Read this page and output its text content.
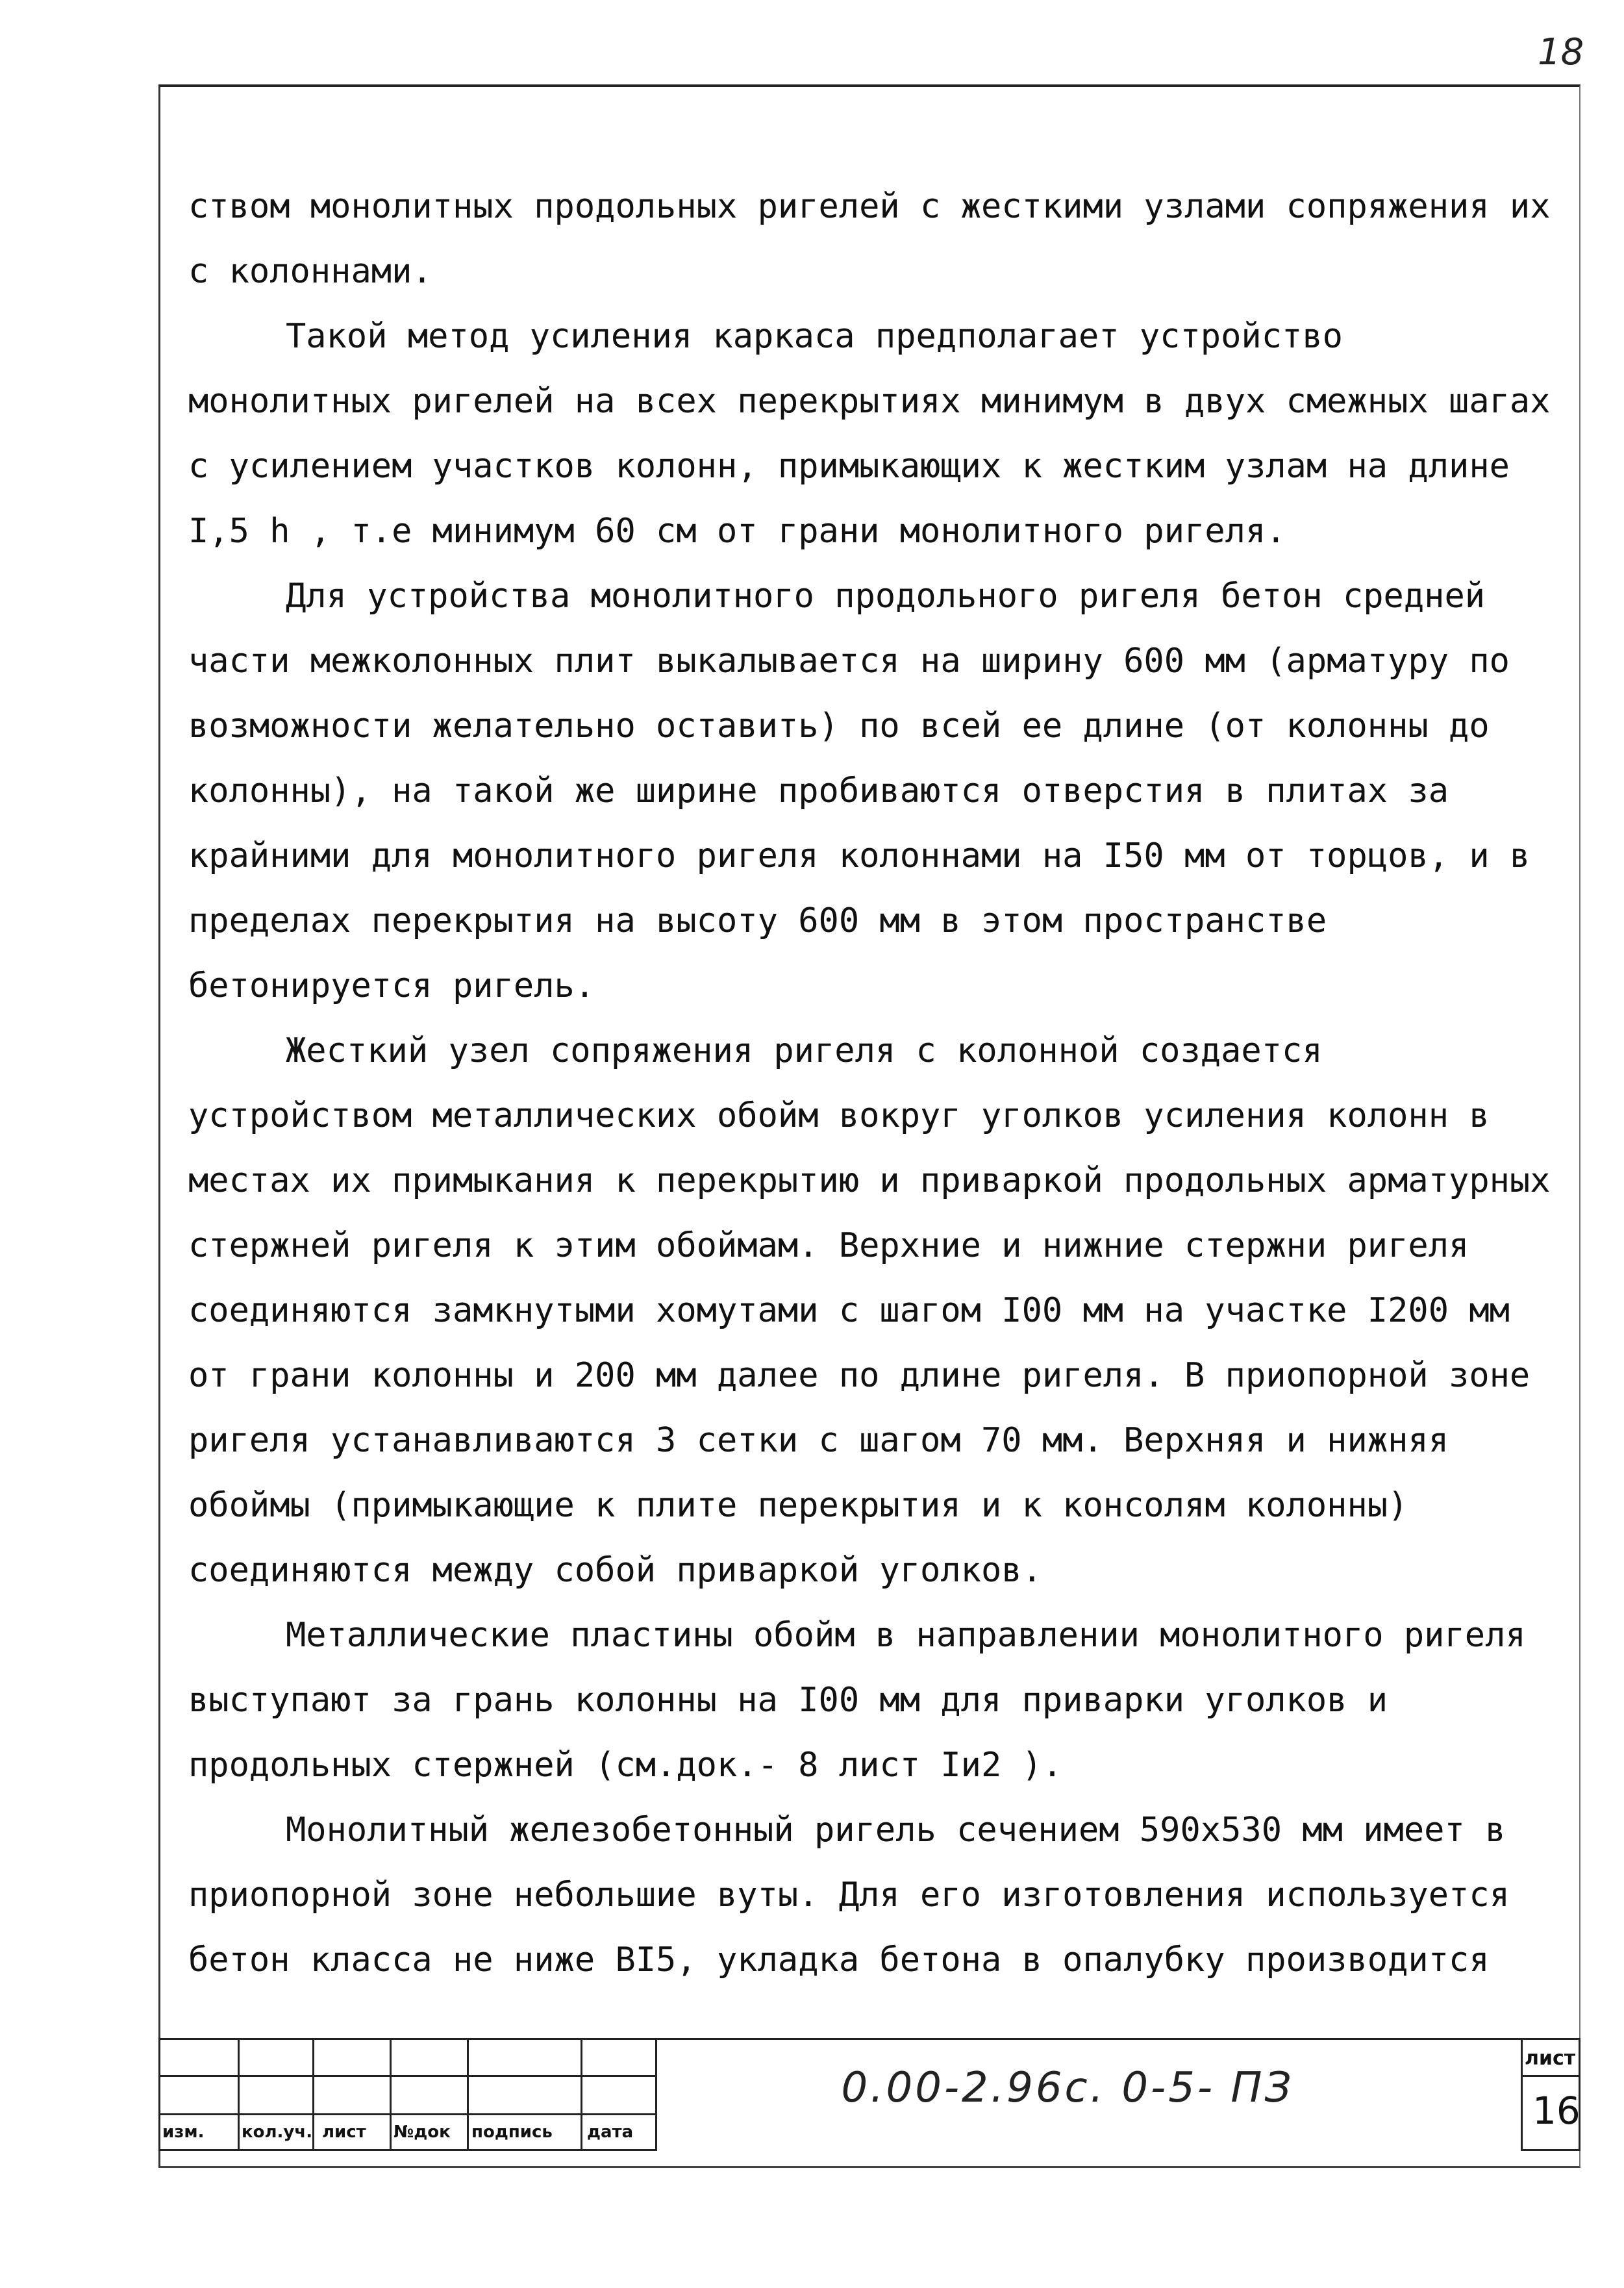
18

ством монолитных продольных ригелей с жесткими узлами сопряжения их с колоннами.

Такой метод усиления каркаса предполагает устройство монолитных ригелей на всех перекрытиях минимум в двух смежных шагах с усилением участков колонн, примыкающих к жестким узлам на длине I,5 h , т.е минимум 60 см от грани монолитного ригеля.

Для устройства монолитного продольного ригеля бетон средней части межколонных плит выкалывается на ширину 600 мм (арматуру по возможности желательно оставить) по всей ее длине (от колонны до колонны), на такой же ширине пробиваются отверстия в плитах за крайними для монолитного ригеля колоннами на I50 мм от торцов, и в пределах перекрытия на высоту 600 мм в этом пространстве бетонируется ригель.

Жесткий узел сопряжения ригеля с колонной создается устройством металлических обойм вокруг уголков усиления колонн в местах их примыкания к перекрытию и приваркой продольных арматурных стержней ригеля к этим обоймам. Верхние и нижние стержни ригеля соединяются замкнутыми хомутами с шагом I00 мм на участке I200 мм от грани колонны и 200 мм далее по длине ригеля. В приопорной зоне ригеля устанавливаются 3 сетки с шагом 70 мм. Верхняя и нижняя обоймы (примыкающие к плите перекрытия и к консолям колонны) соединяются между собой приваркой уголков.

Металлические пластины обойм в направлении монолитного ригеля выступают за грань колонны на I00 мм для приварки уголков и продольных стержней (см.док.- 8 лист Iи2 ).

Монолитный железобетонный ригель сечением 590х530 мм имеет в приопорной зоне небольшие вуты. Для его изготовления используется бетон класса не ниже BI5, укладка бетона в опалубку производится

изм. кол.уч. лист №док подпись дата
0.00-2.96с. 0-5- ПЗ
лист
16
